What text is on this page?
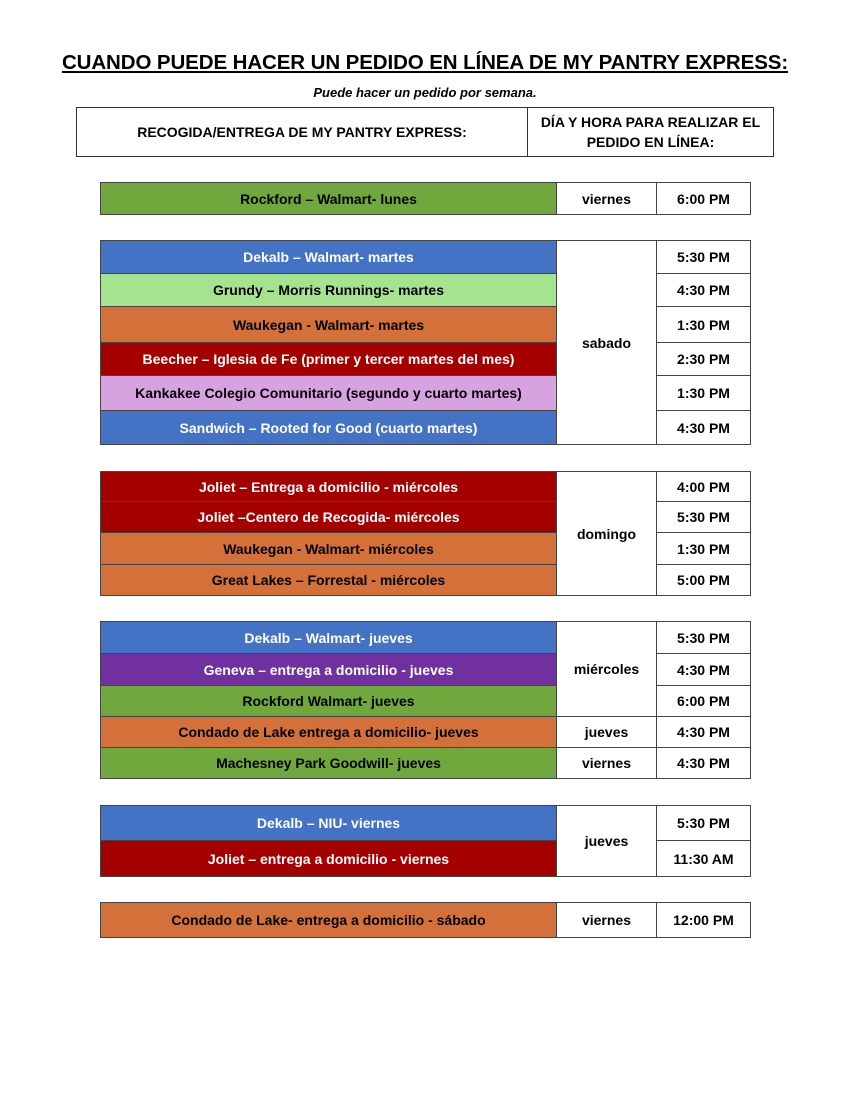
CUANDO PUEDE HACER UN PEDIDO EN LÍNEA DE MY PANTRY EXPRESS:
Puede hacer un pedido por semana.
RECOGIDA/ENTREGA DE MY PANTRY EXPRESS:
DÍA Y HORA PARA REALIZAR EL PEDIDO EN LÍNEA:
Rockford – Walmart- lunes	viernes	6:00 PM
Dekalb – Walmart- martes	sabado	5:30 PM
Grundy – Morris Runnings- martes		4:30 PM
Waukegan - Walmart- martes		1:30 PM
Beecher – Iglesia de Fe (primer y tercer martes del mes)		2:30 PM
Kankakee Colegio Comunitario (segundo y cuarto martes)		1:30 PM
Sandwich – Rooted for Good (cuarto martes)		4:30 PM
Joliet – Entrega a domicilio - miércoles	domingo	4:00 PM
Joliet –Centero de Recogida- miércoles		5:30 PM
Waukegan - Walmart- miércoles		1:30 PM
Great Lakes – Forrestal - miércoles		5:00 PM
Dekalb – Walmart- jueves	miércoles	5:30 PM
Geneva – entrega a domicilio - jueves		4:30 PM
Rockford Walmart- jueves		6:00 PM
Condado de Lake entrega a domicilio- jueves	jueves	4:30 PM
Machesney Park Goodwill- jueves	viernes	4:30 PM
Dekalb – NIU- viernes	jueves	5:30 PM
Joliet – entrega a domicilio - viernes		11:30 AM
Condado de Lake- entrega a domicilio - sábado	viernes	12:00 PM
